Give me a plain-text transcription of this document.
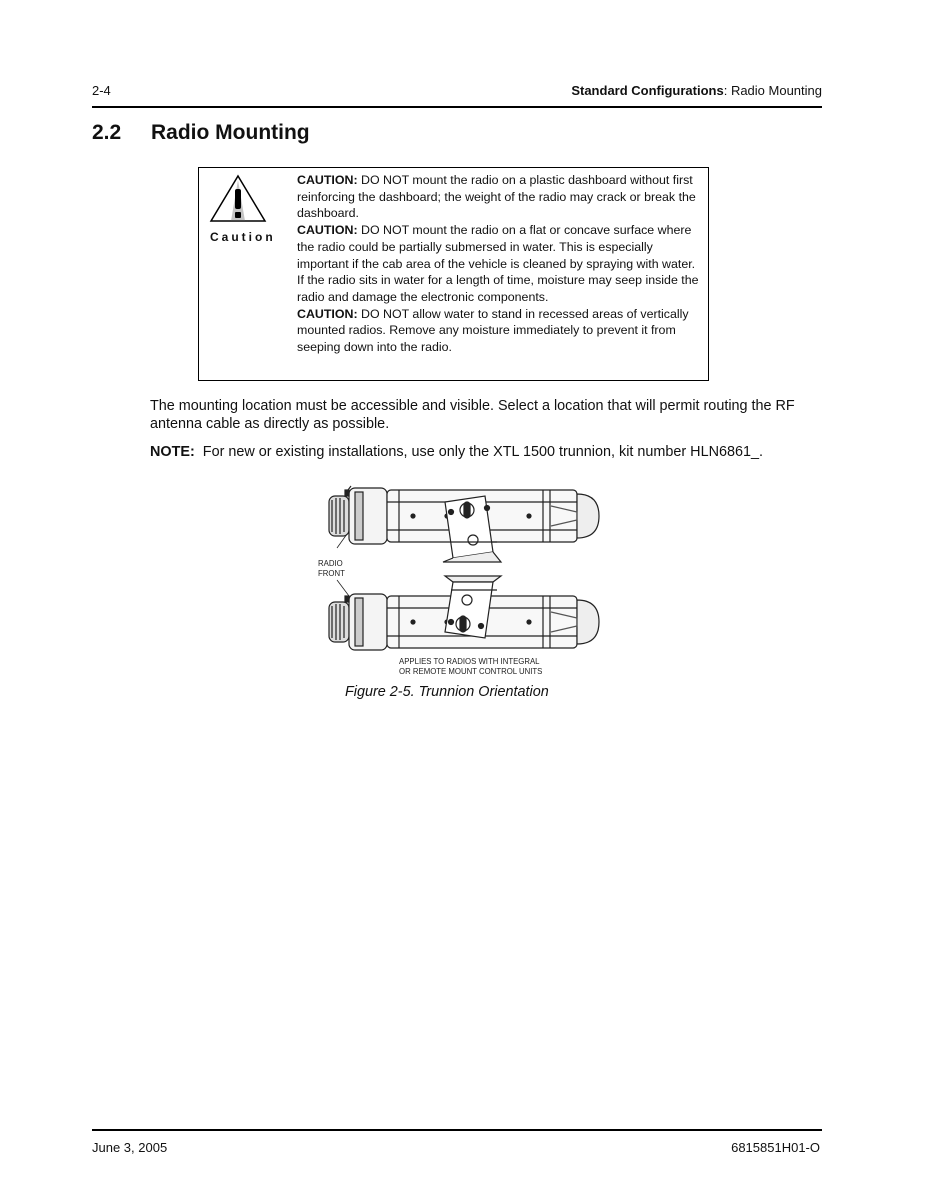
2-4	Standard Configurations: Radio Mounting
2.2 Radio Mounting
Caution

CAUTION: DO NOT mount the radio on a plastic dashboard without first reinforcing the dashboard; the weight of the radio may crack or break the dashboard.

CAUTION: DO NOT mount the radio on a flat or concave surface where the radio could be partially submersed in water. This is especially important if the cab area of the vehicle is cleaned by spraying with water. If the radio sits in water for a length of time, moisture may seep inside the radio and damage the electronic components.

CAUTION: DO NOT allow water to stand in recessed areas of vertically mounted radios. Remove any moisture immediately to prevent it from seeping down into the radio.

The mounting location must be accessible and visible. Select a location that will permit routing the RF antenna cable as directly as possible.
NOTE: For new or existing installations, use only the XTL 1500 trunnion, kit number HLN6861_.
RADIO
FRONT
APPLIES TO RADIOS WITH INTEGRAL
OR REMOTE MOUNT CONTROL UNITS
Figure 2-5. Trunnion Orientation
June 3, 2005	6815851H01-O
